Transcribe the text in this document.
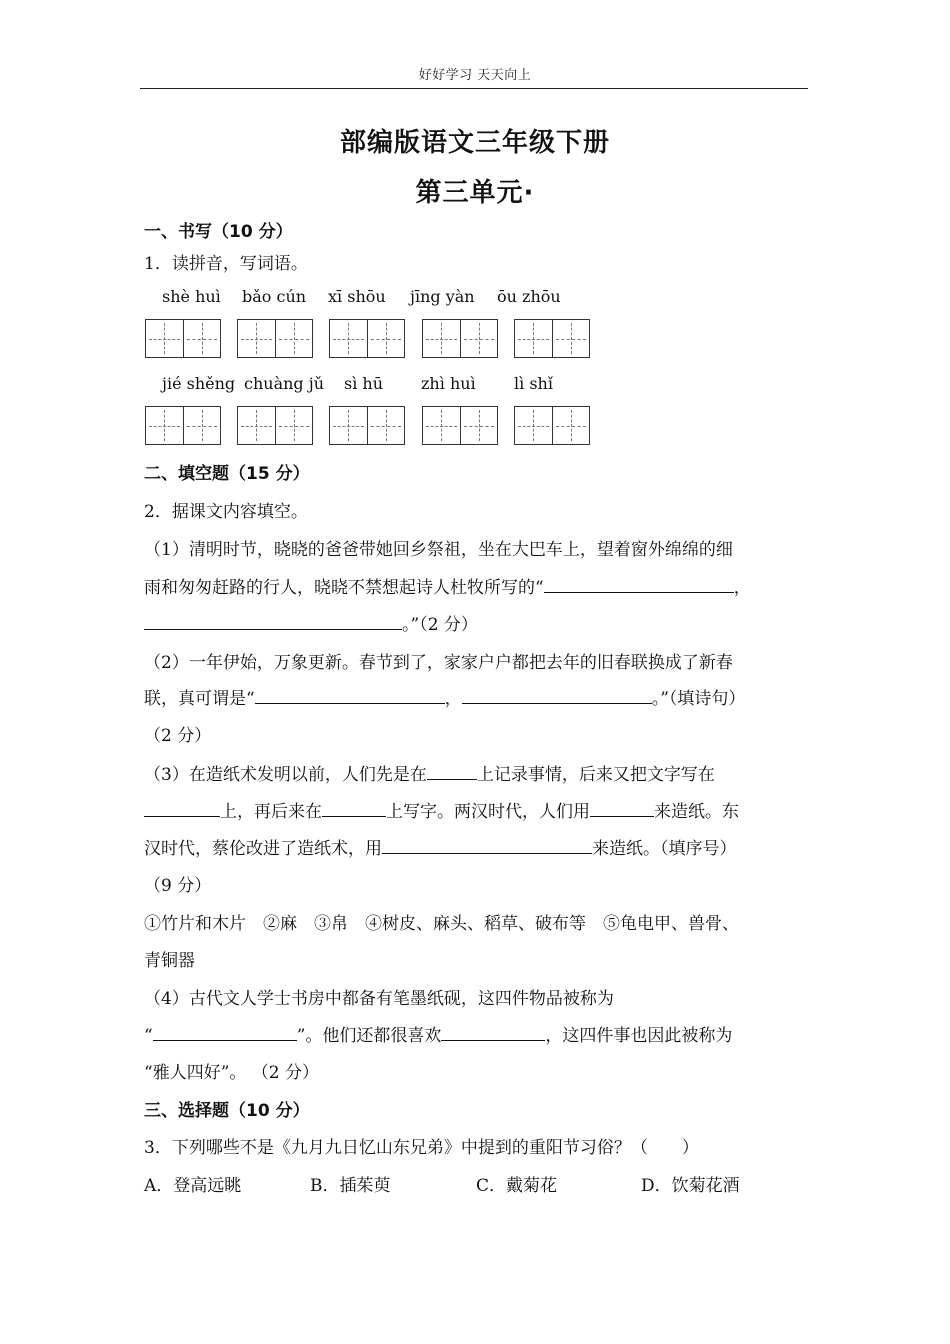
好好学习 天天向上
部编版语文三年级下册
第三单元·
一、书写（10 分）
1．读拼音，写词语。
shè huì bǎo cún xī shōu jīng yàn ōu zhōu
jié shěng chuàng jǔ sì hū zhì huì lì shǐ
二、填空题（15 分）
2．据课文内容填空。
（1）清明时节，晓晓的爸爸带她回乡祭祖，坐在大巴车上，望着窗外绵绵的细
雨和匆匆赶路的行人，晓晓不禁想起诗人杜牧所写的“	，
。”（2 分）
（2）一年伊始，万象更新。春节到了，家家户户都把去年的旧春联换成了新春
联，真可谓是“	，	。”（填诗句）
（2 分）
（3）在造纸术发明以前，人们先是在	上记录事情，后来又把文字写在
上，再后来在	上写字。两汉时代，人们用	来造纸。东
汉时代，蔡伦改进了造纸术，用	来造纸。（填序号）
（9 分）
①竹片和木片　②麻　③帛　④树皮、麻头、稻草、破布等　⑤龟电甲、兽骨、
青铜器
（4）古代文人学士书房中都备有笔墨纸砚，这四件物品被称为
“	”。他们还都很喜欢	，这四件事也因此被称为
“雅人四好”。 （2 分）
三、选择题（10 分）
3．下列哪些不是《九月九日忆山东兄弟》中提到的重阳节习俗？（　　）
A．登高远眺	B．插茱萸	C．戴菊花	D．饮菊花酒
